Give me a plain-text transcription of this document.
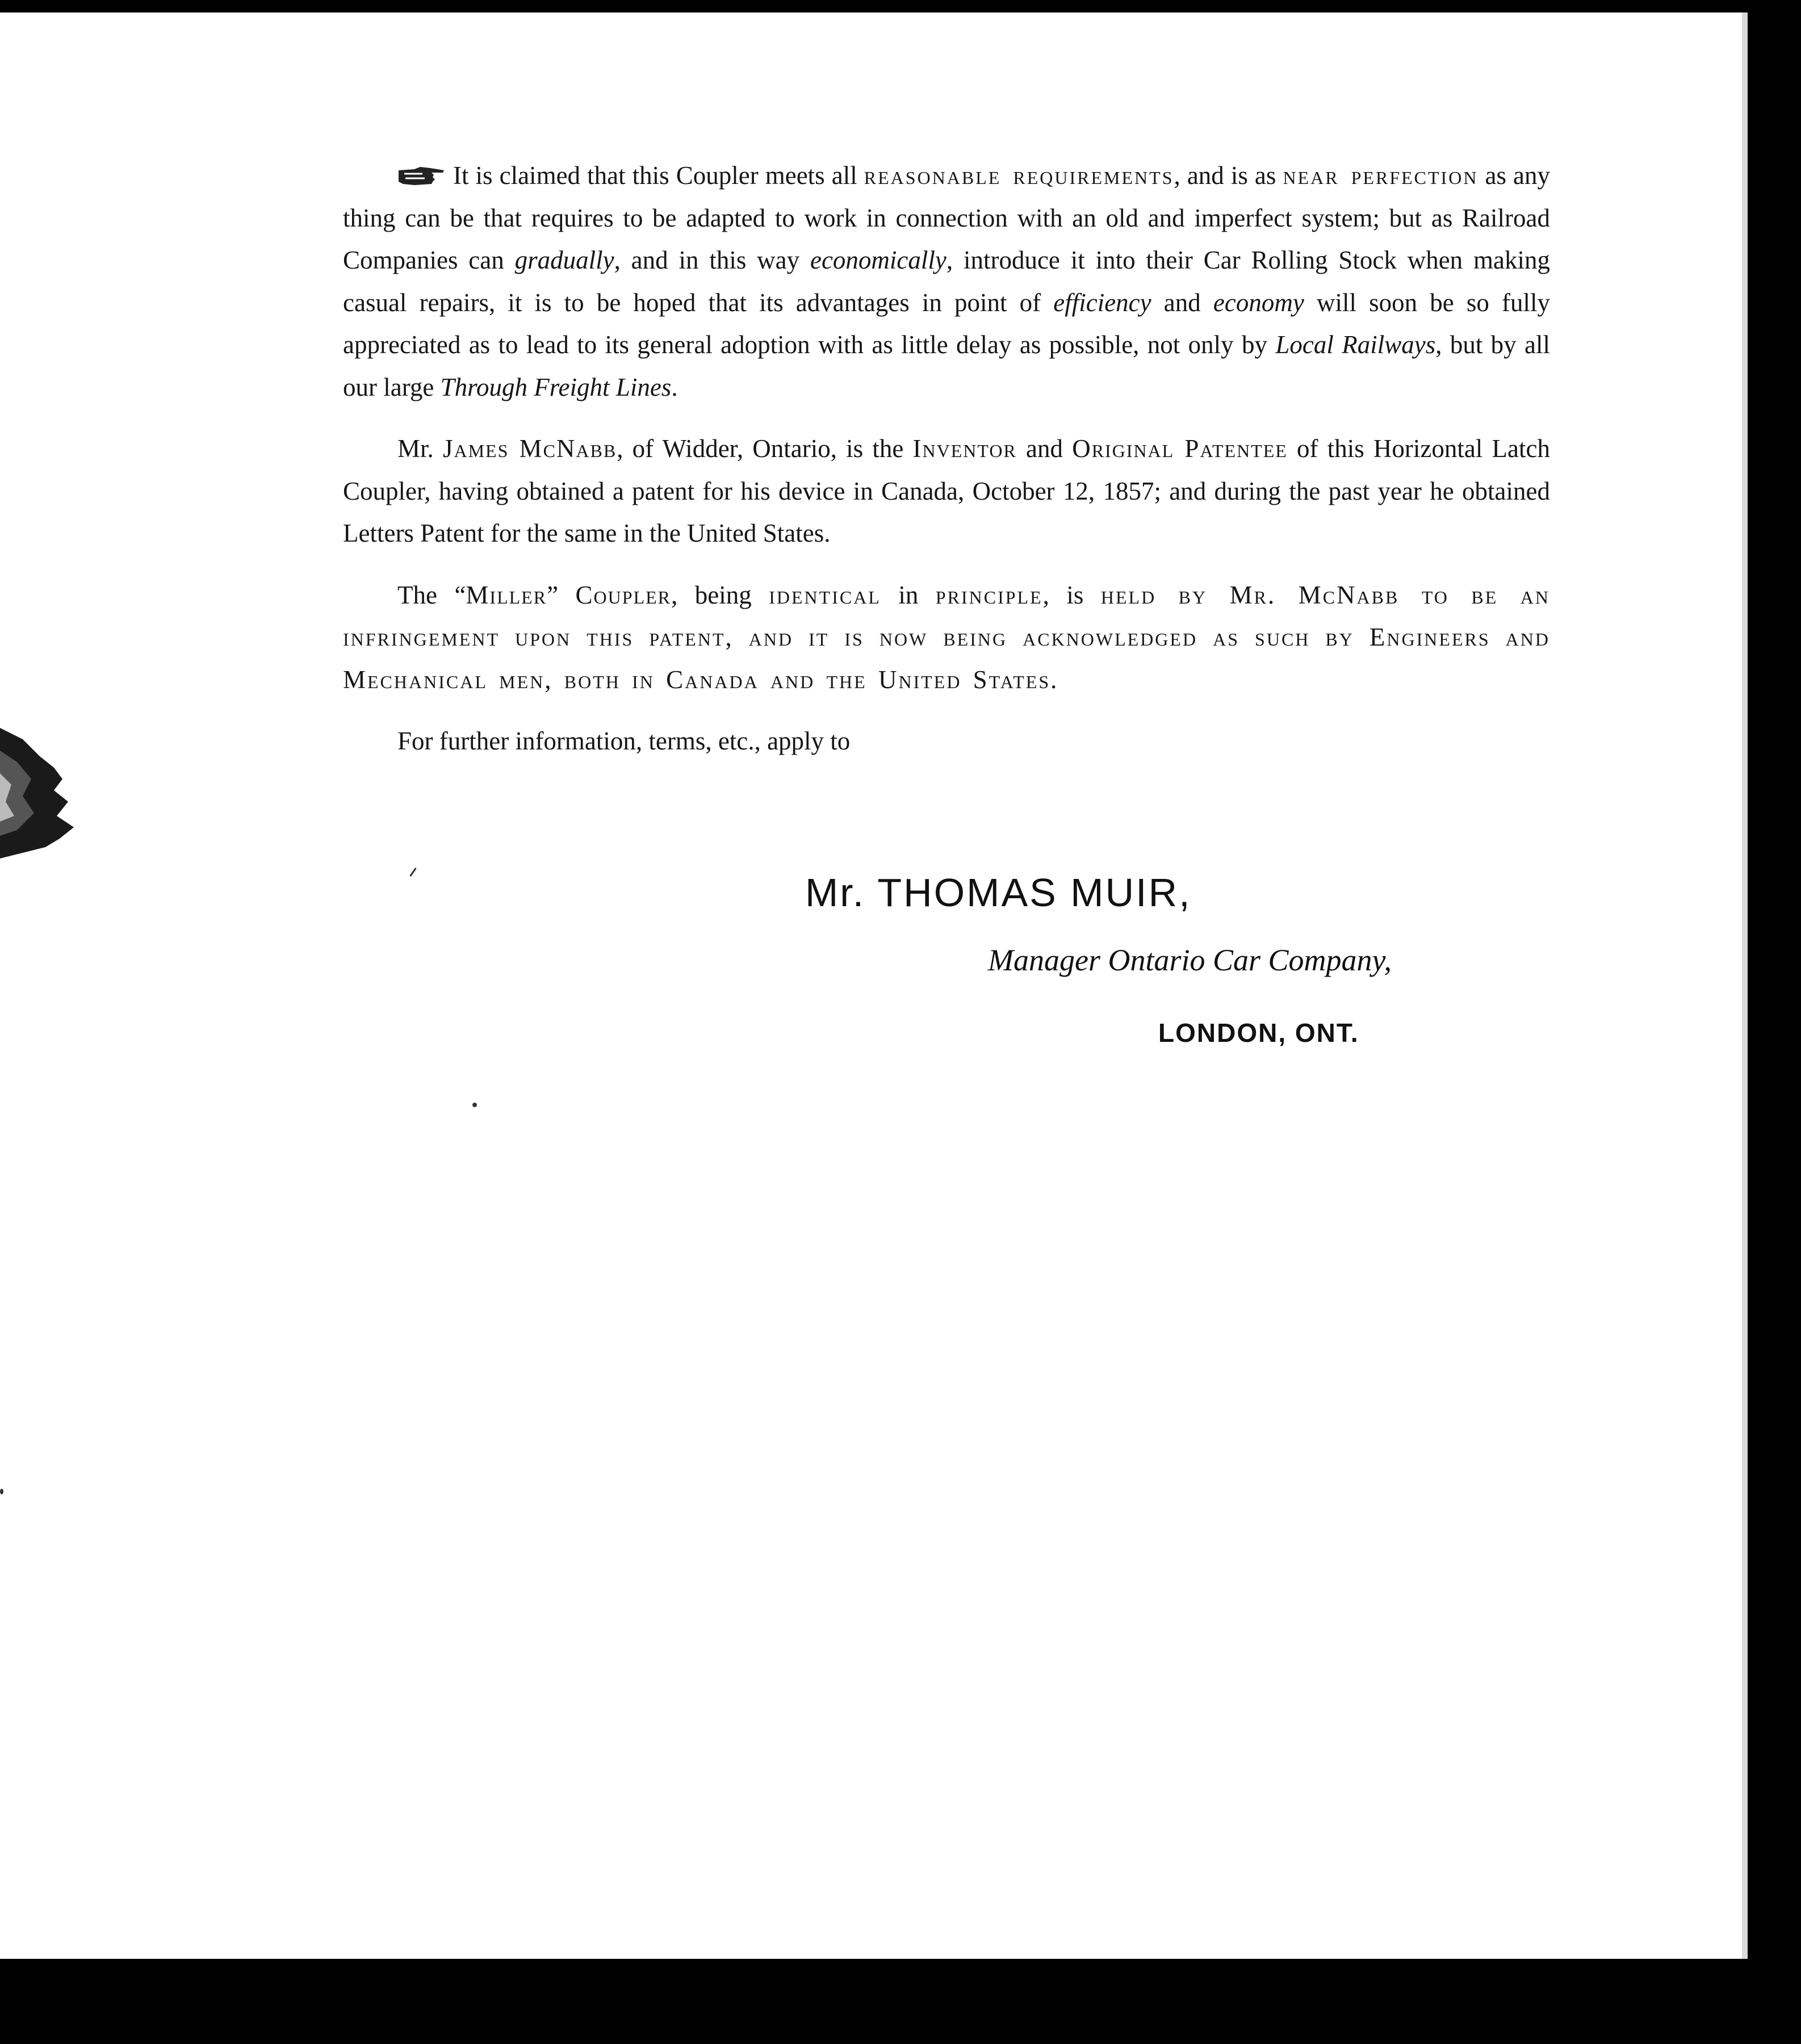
It is claimed that this Coupler meets all reasonable requirements, and is as near perfection as any thing can be that requires to be adapted to work in connection with an old and imperfect system; but as Railroad Companies can gradually, and in this way economically, introduce it into their Car Rolling Stock when making casual repairs, it is to be hoped that its advantages in point of efficiency and economy will soon be so fully appreciated as to lead to its general adoption with as little delay as possible, not only by Local Railways, but by all our large Through Freight Lines.

Mr. James McNabb, of Widder, Ontario, is the Inventor and Original Patentee of this Horizontal Latch Coupler, having obtained a patent for his device in Canada, October 12, 1857; and during the past year he obtained Letters Patent for the same in the United States.

The “Miller” Coupler, being identical in principle, is held by Mr. McNabb to be an infringement upon this patent, and it is now being acknowledged as such by Engineers and Mechanical men, both in Canada and the United States.

For further information, terms, etc., apply to

Mr. THOMAS MUIR,
Manager Ontario Car Company,
LONDON, ONT.
